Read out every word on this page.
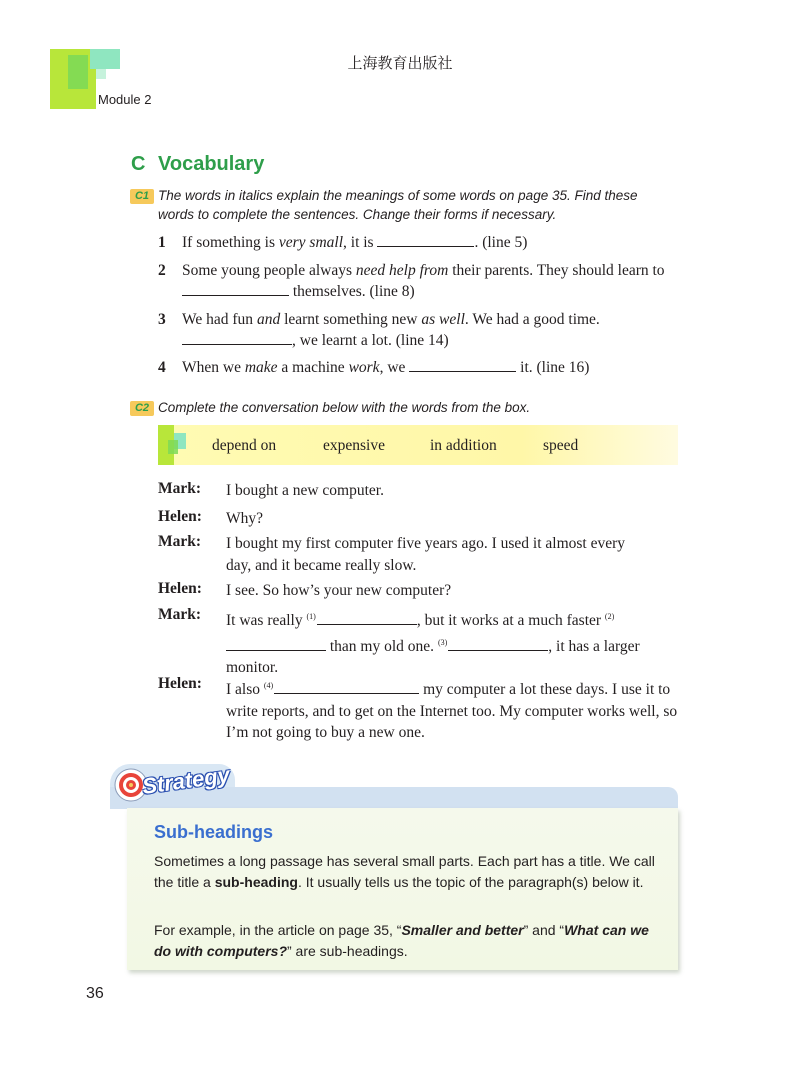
上海教育出版社
Module 2
C Vocabulary
C1 The words in italics explain the meanings of some words on page 35. Find these
words to complete the sentences. Change their forms if necessary.
1 If something is very small, it is	. (line 5)
2 Some young people always need help from their parents. They should learn to  themselves. (line 8)
3 We had fun and learnt something new as well. We had a good time. , we learnt a lot. (line 14)
4 When we make a machine work, we	it. (line 16)
C2 Complete the conversation below with the words from the box.
depend on	expensive	in addition	speed
Mark: I bought a new computer.
Helen: Why?
Mark: I bought my first computer five years ago. I used it almost every day, and it became really slow.
Helen: I see. So how’s your new computer?
Mark: It was really $^{(1)}$	, but it works at a much faster $^{(2)}$ than my old one. $^{(3)}$	, it has a larger monitor.
Helen: I also $^{(4)}$	my computer a lot these days. I use it to write reports, and to get on the Internet too. My computer works well, so I’m not going to buy a new one.
Strategy
Sub-headings
Sometimes a long passage has several small parts. Each part has a title. We call the title a sub-heading. It usually tells us the topic of the paragraph(s) below it.
For example, in the article on page 35, “Smaller and better” and “What can we do with computers?” are sub-headings.
36
